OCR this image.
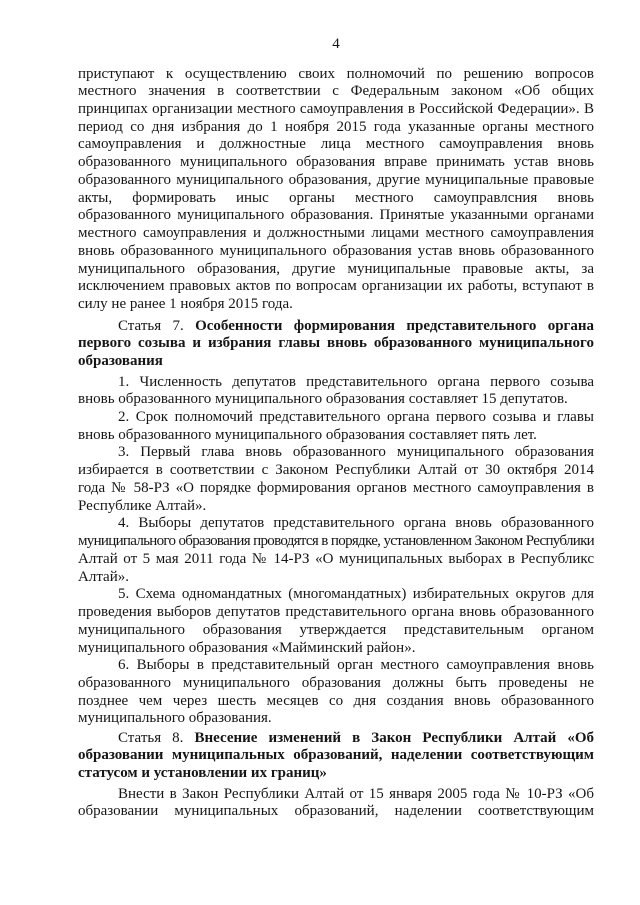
4
приступают к осуществлению своих полномочий по решению вопросов
местного значения в соответствии с Федеральным законом «Об общих
принципах организации местного самоуправления в Российской Федерации». В
период со дня избрания до 1 ноября 2015 года указанные органы местного
самоуправления и должностные лица местного самоуправления вновь
образованного муниципального образования вправе принимать устав вновь
образованного муниципального образования, другие муниципальные правовые
акты, формировать иныс органы местного самоуправлсния вновь
образованного муниципального образования. Принятые указанными органами
местного самоуправления и должностными лицами местного самоуправления
вновь образованного муниципального образования устав вновь образованного
муниципального образования, другие муниципальные правовые акты, за
исключением правовых актов по вопросам организации их работы, вступают в
силу не ранее 1 ноября 2015 года.
Статья 7. Особенности формирования представительного органа
первого созыва и избрания главы вновь образованного муниципального
образования
1. Численность депутатов представительного органа первого созыва
вновь образованного муниципального образования составляет 15 депутатов.
2. Срок полномочий представительного органа первого созыва и главы
вновь образованного муниципального образования составляет пять лет.
3. Первый глава вновь образованного муниципального образования
избирается в соответствии с Законом Республики Алтай от 30 октября 2014
года № 58-РЗ «О порядке формирования органов местного самоуправления в
Республике Алтай».
4. Выборы депутатов представительного органа вновь образованного
муниципального образования проводятся в порядке, установленном Законом Республики
Алтай от 5 мая 2011 года № 14-РЗ «О муниципальных выборах в Республикс
Алтай».
5. Схема одномандатных (многомандатных) избирательных округов для
проведения выборов депутатов представительного органа вновь образованного
муниципального образования утверждается представительным органом
муниципального образования «Майминский район».
6. Выборы в представительный орган местного самоуправления вновь
образованного муниципального образования должны быть проведены не
позднее чем через шесть месяцев со дня создания вновь образованного
муниципального образования.
Статья 8. Внесение изменений в Закон Республики Алтай «Об
образовании муниципальных образований, наделении соответствующим
статусом и установлении их границ»
Внести в Закон Республики Алтай от 15 января 2005 года № 10-РЗ «Об
образовании муниципальных образований, наделении соответствующим
